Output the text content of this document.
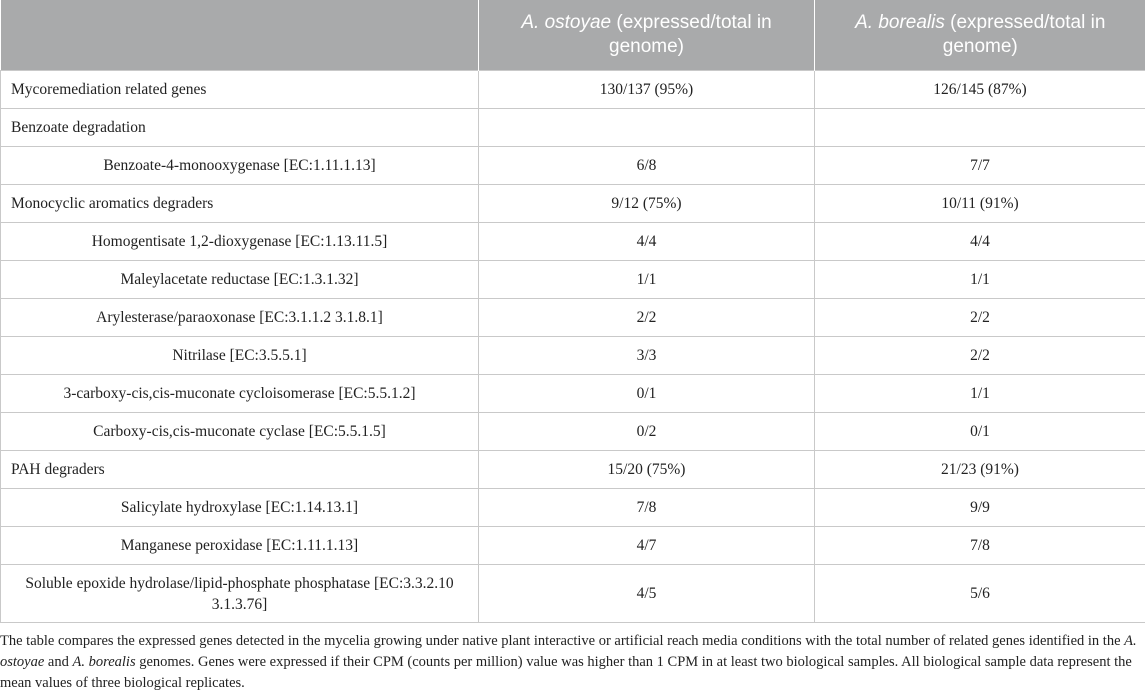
	A. ostoyae (expressed/total in genome)	A. borealis (expressed/total in genome)
Mycoremediation related genes	130/137 (95%)	126/145 (87%)
Benzoate degradation		
Benzoate-4-monooxygenase [EC:1.11.1.13]	6/8	7/7
Monocyclic aromatics degraders	9/12 (75%)	10/11 (91%)
Homogentisate 1,2-dioxygenase [EC:1.13.11.5]	4/4	4/4
Maleylacetate reductase [EC:1.3.1.32]	1/1	1/1
Arylesterase/paraoxonase [EC:3.1.1.2 3.1.8.1]	2/2	2/2
Nitrilase [EC:3.5.5.1]	3/3	2/2
3-carboxy-cis,cis-muconate cycloisomerase [EC:5.5.1.2]	0/1	1/1
Carboxy-cis,cis-muconate cyclase [EC:5.5.1.5]	0/2	0/1
PAH degraders	15/20 (75%)	21/23 (91%)
Salicylate hydroxylase [EC:1.14.13.1]	7/8	9/9
Manganese peroxidase [EC:1.11.1.13]	4/7	7/8
Soluble epoxide hydrolase/lipid-phosphate phosphatase [EC:3.3.2.10 3.1.3.76]	4/5	5/6
The table compares the expressed genes detected in the mycelia growing under native plant interactive or artificial reach media conditions with the total number of related genes identified in the A. ostoyae and A. borealis genomes. Genes were expressed if their CPM (counts per million) value was higher than 1 CPM in at least two biological samples. All biological sample data represent the mean values of three biological replicates.
